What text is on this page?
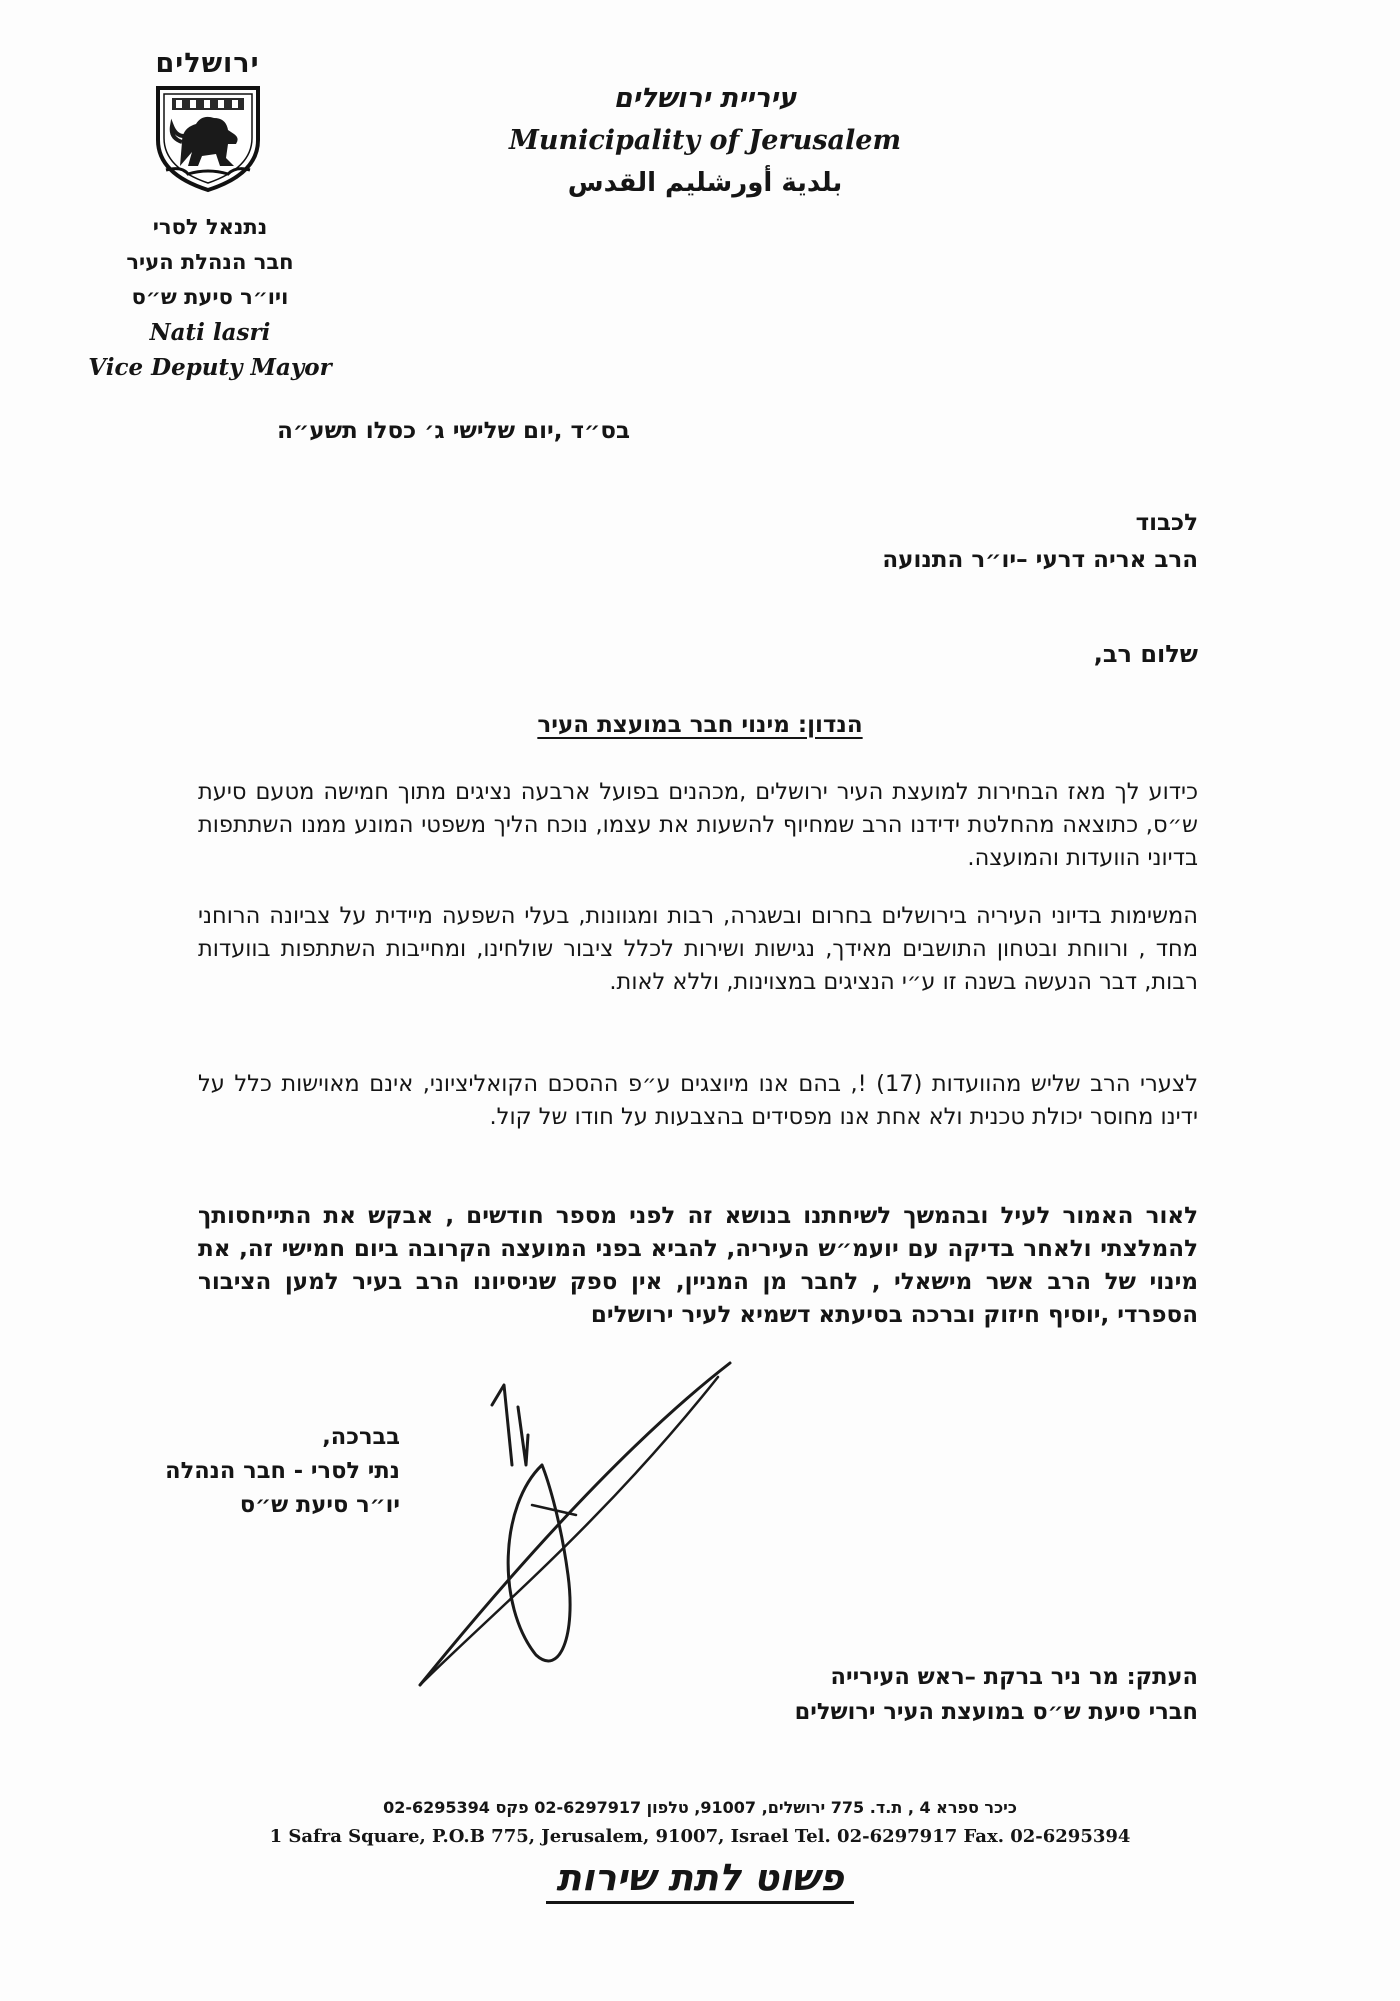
ירושלים
נתנאל לסרי
חבר הנהלת העיר
ויו״ר סיעת ש״ס
Nati lasri
Vice Deputy Mayor
עיריית ירושלים
Municipality of Jerusalem
بلدية أورشليم القدس
בס״ד ,יום שלישי ג׳ כסלו תשע״ה
לכבוד
הרב אריה דרעי –יו״ר התנועה
שלום רב,
הנדון: מינוי חבר במועצת העיר
כידוע לך מאז הבחירות למועצת העיר ירושלים ,מכהנים בפועל ארבעה נציגים מתוך חמישה מטעם סיעת ש״ס, כתוצאה מהחלטת ידידנו הרב שמחיוף להשעות את עצמו, נוכח הליך משפטי המונע ממנו השתתפות בדיוני הוועדות והמועצה.
המשימות בדיוני העיריה בירושלים בחרום ובשגרה, רבות ומגוונות, בעלי השפעה מיידית על צביונה הרוחני מחד , ורווחת ובטחון התושבים מאידך, נגישות ושירות לכלל ציבור שולחינו, ומחייבות השתתפות בוועדות רבות, דבר הנעשה בשנה זו ע״י הנציגים במצוינות, וללא לאות.
לצערי הרב שליש מהוועדות (17) !, בהם אנו מיוצגים ע״פ ההסכם הקואליציוני, אינם מאוישות כלל על ידינו מחוסר יכולת טכנית ולא אחת אנו מפסידים בהצבעות על חודו של קול.
לאור האמור לעיל ובהמשך לשיחתנו בנושא זה לפני מספר חודשים , אבקש את התייחסותך להמלצתי ולאחר בדיקה עם יועמ״ש העיריה, להביא בפני המועצה הקרובה ביום חמישי זה, את מינוי של הרב אשר מישאלי , לחבר מן המניין, אין ספק שניסיונו הרב בעיר למען הציבור הספרדי ,יוסיף חיזוק וברכה בסיעתא דשמיא לעיר ירושלים
בברכה,
נתי לסרי - חבר הנהלה
יו״ר סיעת ש״ס
העתק: מר ניר ברקת –ראש העירייה
חברי סיעת ש״ס במועצת העיר ירושלים
כיכר ספרא 4 , ת.ד. 775 ירושלים, 91007, טלפון 02-6297917 פקס 02-6295394
1 Safra Square, P.O.B 775, Jerusalem, 91007, Israel Tel. 02-6297917 Fax. 02-6295394
פשוט לתת שירות
